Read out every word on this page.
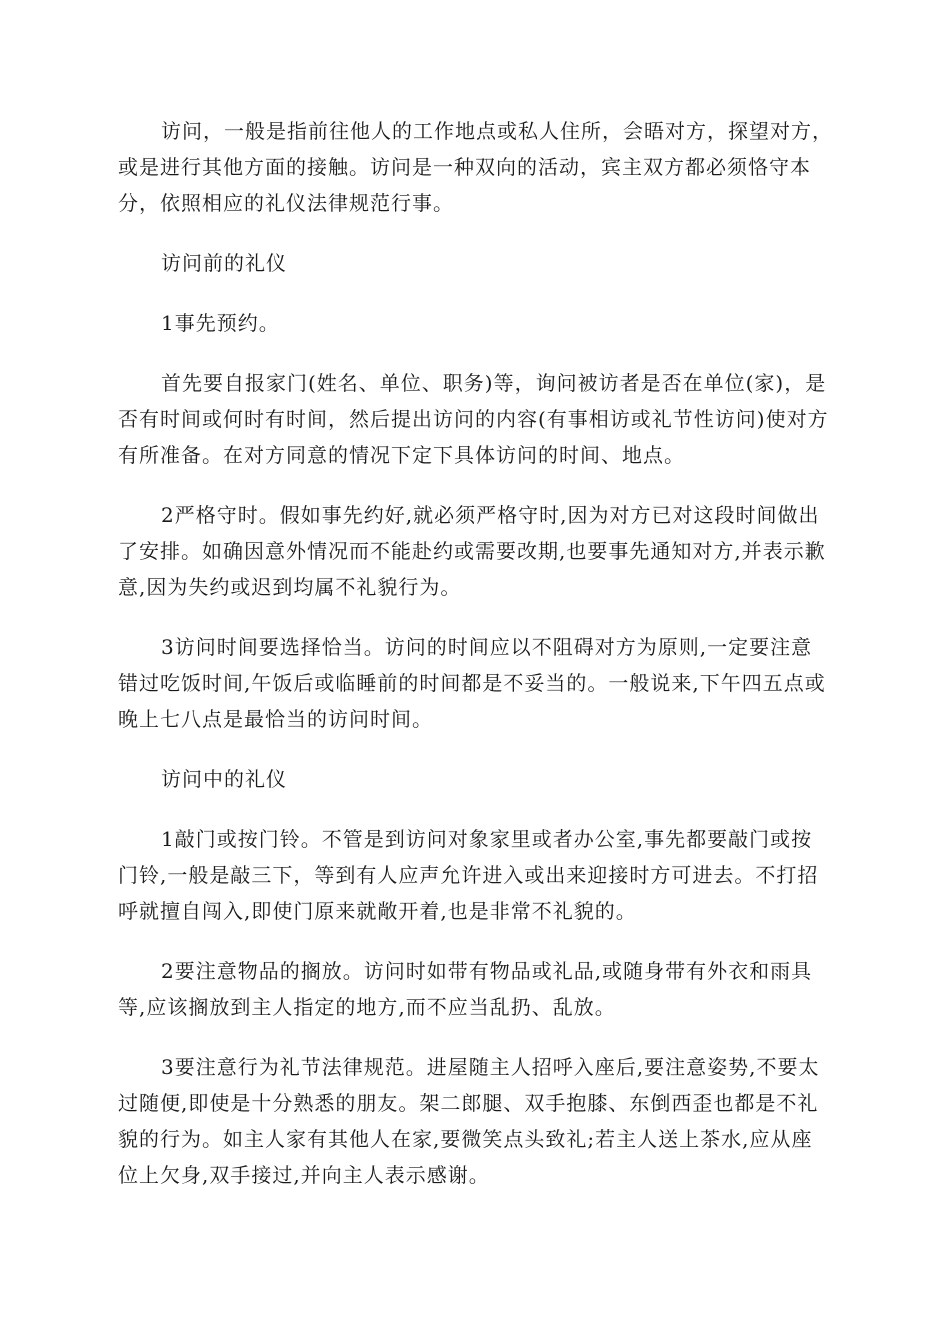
访问，一般是指前往他人的工作地点或私人住所，会晤对方，探望对方，或是进行其他方面的接触。访问是一种双向的活动，宾主双方都必须恪守本分，依照相应的礼仪法律规范行事。

访问前的礼仪

1事先预约。

首先要自报家门(姓名、单位、职务)等，询问被访者是否在单位(家)，是否有时间或何时有时间，然后提出访问的内容(有事相访或礼节性访问)使对方有所准备。在对方同意的情况下定下具体访问的时间、地点。

2严格守时。假如事先约好,就必须严格守时,因为对方已对这段时间做出了安排。如确因意外情况而不能赴约或需要改期,也要事先通知对方,并表示歉意,因为失约或迟到均属不礼貌行为。

3访问时间要选择恰当。访问的时间应以不阻碍对方为原则,一定要注意错过吃饭时间,午饭后或临睡前的时间都是不妥当的。一般说来,下午四五点或晚上七八点是最恰当的访问时间。

访问中的礼仪

1敲门或按门铃。不管是到访问对象家里或者办公室,事先都要敲门或按门铃,一般是敲三下，等到有人应声允许进入或出来迎接时方可进去。不打招呼就擅自闯入,即使门原来就敞开着,也是非常不礼貌的。

2要注意物品的搁放。访问时如带有物品或礼品,或随身带有外衣和雨具等,应该搁放到主人指定的地方,而不应当乱扔、乱放。

3要注意行为礼节法律规范。进屋随主人招呼入座后,要注意姿势,不要太过随便,即使是十分熟悉的朋友。架二郎腿、双手抱膝、东倒西歪也都是不礼貌的行为。如主人家有其他人在家,要微笑点头致礼;若主人送上茶水,应从座位上欠身,双手接过,并向主人表示感谢。
